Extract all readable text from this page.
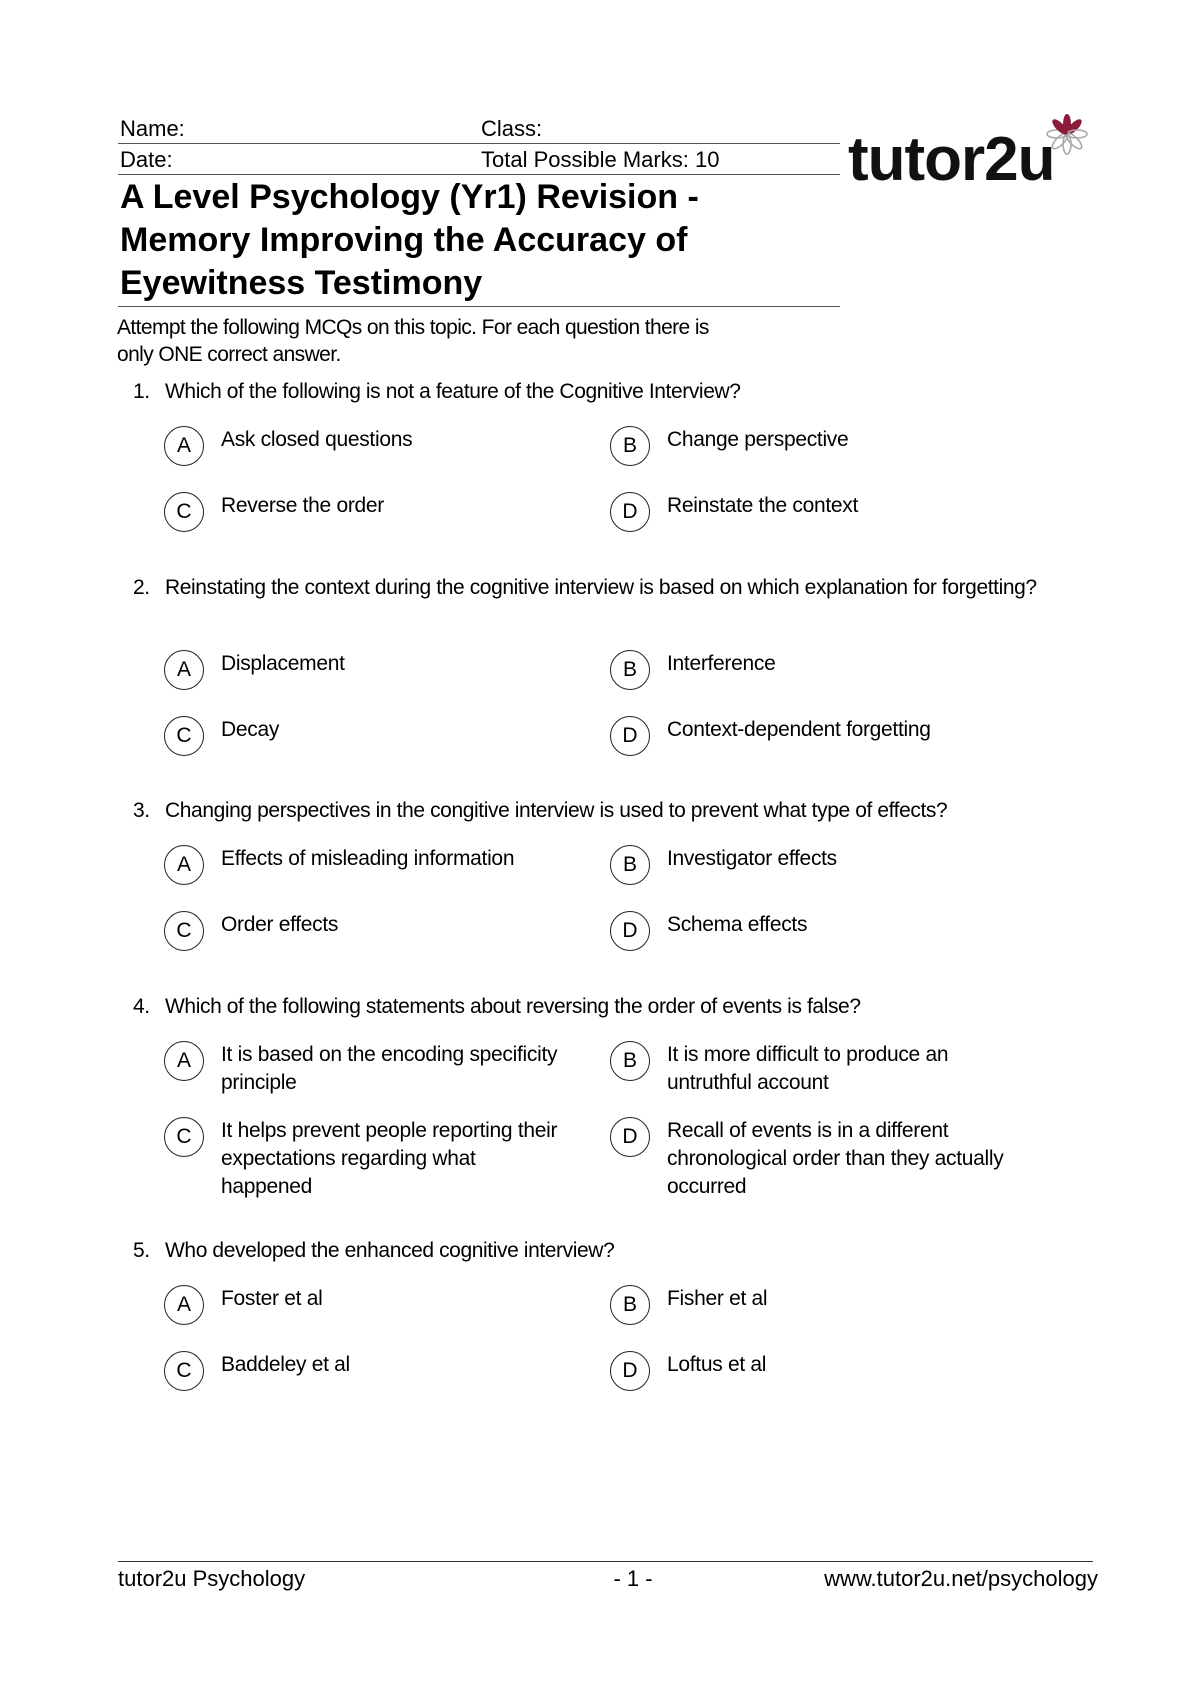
Name:	Class:
Date:	Total Possible Marks: 10 tutor2u
A Level Psychology (Yr1) Revision -
Memory Improving the Accuracy of
Eyewitness Testimony
Attempt the following MCQs on this topic. For each question there is
only ONE correct answer.
1. Which of the following is not a feature of the Cognitive Interview?
A	Ask closed questions	B	Change perspective
C	Reverse the order	D	Reinstate the context
2. Reinstating the context during the cognitive interview is based on which explanation for forgetting?
A	Displacement	B	Interference
C	Decay	D	Context-dependent forgetting
3. Changing perspectives in the congitive interview is used to prevent what type of effects?
A	Effects of misleading information	B	Investigator effects
C	Order effects	D	Schema effects
4. Which of the following statements about reversing the order of events is false?
A	It is based on the encoding specificity principle
B	It is more difficult to produce an untruthful account
C	It helps prevent people reporting their expectations regarding what happened
D	Recall of events is in a different chronological order than they actually occurred
5. Who developed the enhanced cognitive interview?
A	Foster et al	B	Fisher et al
C	Baddeley et al	D	Loftus et al
tutor2u Psychology	- 1 -	www.tutor2u.net/psychology
